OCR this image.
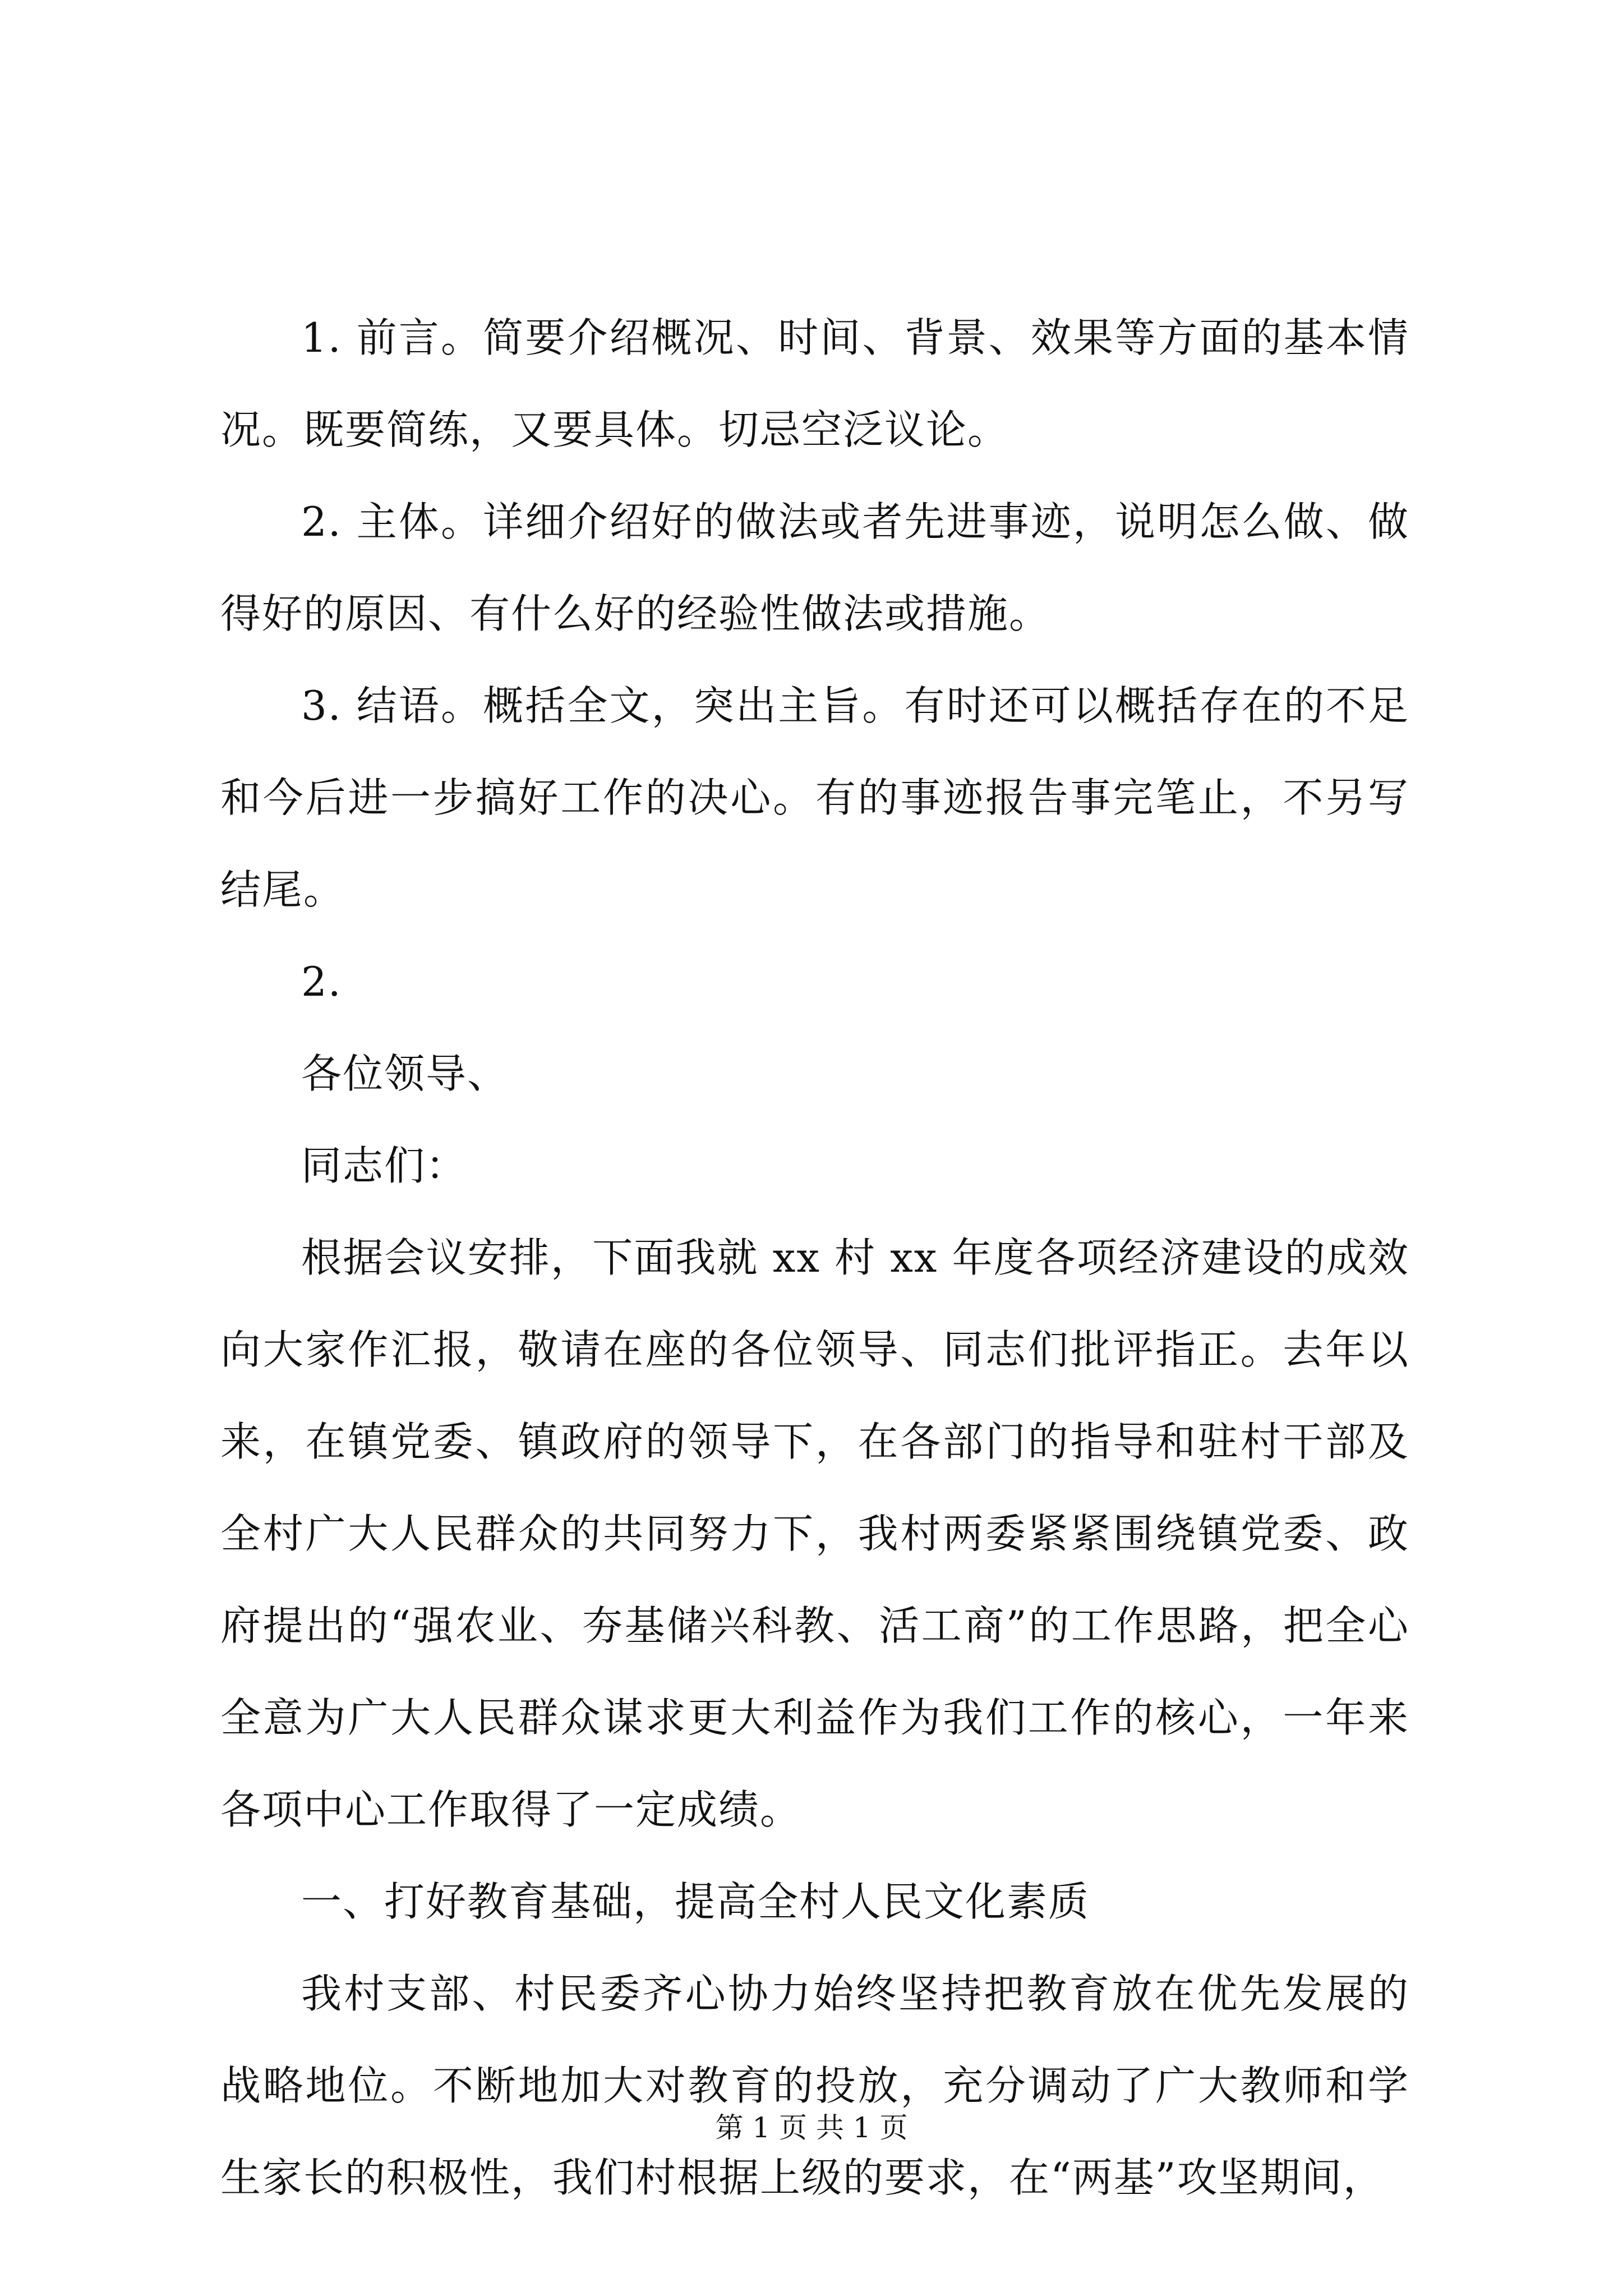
1. 前言。简要介绍概况、时间、背景、效果等方面的基本情况。既要简练，又要具体。切忌空泛议论。

2. 主体。详细介绍好的做法或者先进事迹，说明怎么做、做得好的原因、有什么好的经验性做法或措施。

3. 结语。概括全文，突出主旨。有时还可以概括存在的不足和今后进一步搞好工作的决心。有的事迹报告事完笔止，不另写结尾。

2.

各位领导、

同志们：

根据会议安排，下面我就 xx 村 xx 年度各项经济建设的成效向大家作汇报，敬请在座的各位领导、同志们批评指正。去年以来，在镇党委、镇政府的领导下，在各部门的指导和驻村干部及全村广大人民群众的共同努力下，我村两委紧紧围绕镇党委、政府提出的“强农业、夯基储兴科教、活工商”的工作思路，把全心全意为广大人民群众谋求更大利益作为我们工作的核心，一年来各项中心工作取得了一定成绩。

一、打好教育基础，提高全村人民文化素质

我村支部、村民委齐心协力始终坚持把教育放在优先发展的战略地位。不断地加大对教育的投放，充分调动了广大教师和学生家长的积极性，我们村根据上级的要求，在“两基”攻坚期间，

第 1 页 共 1 页
